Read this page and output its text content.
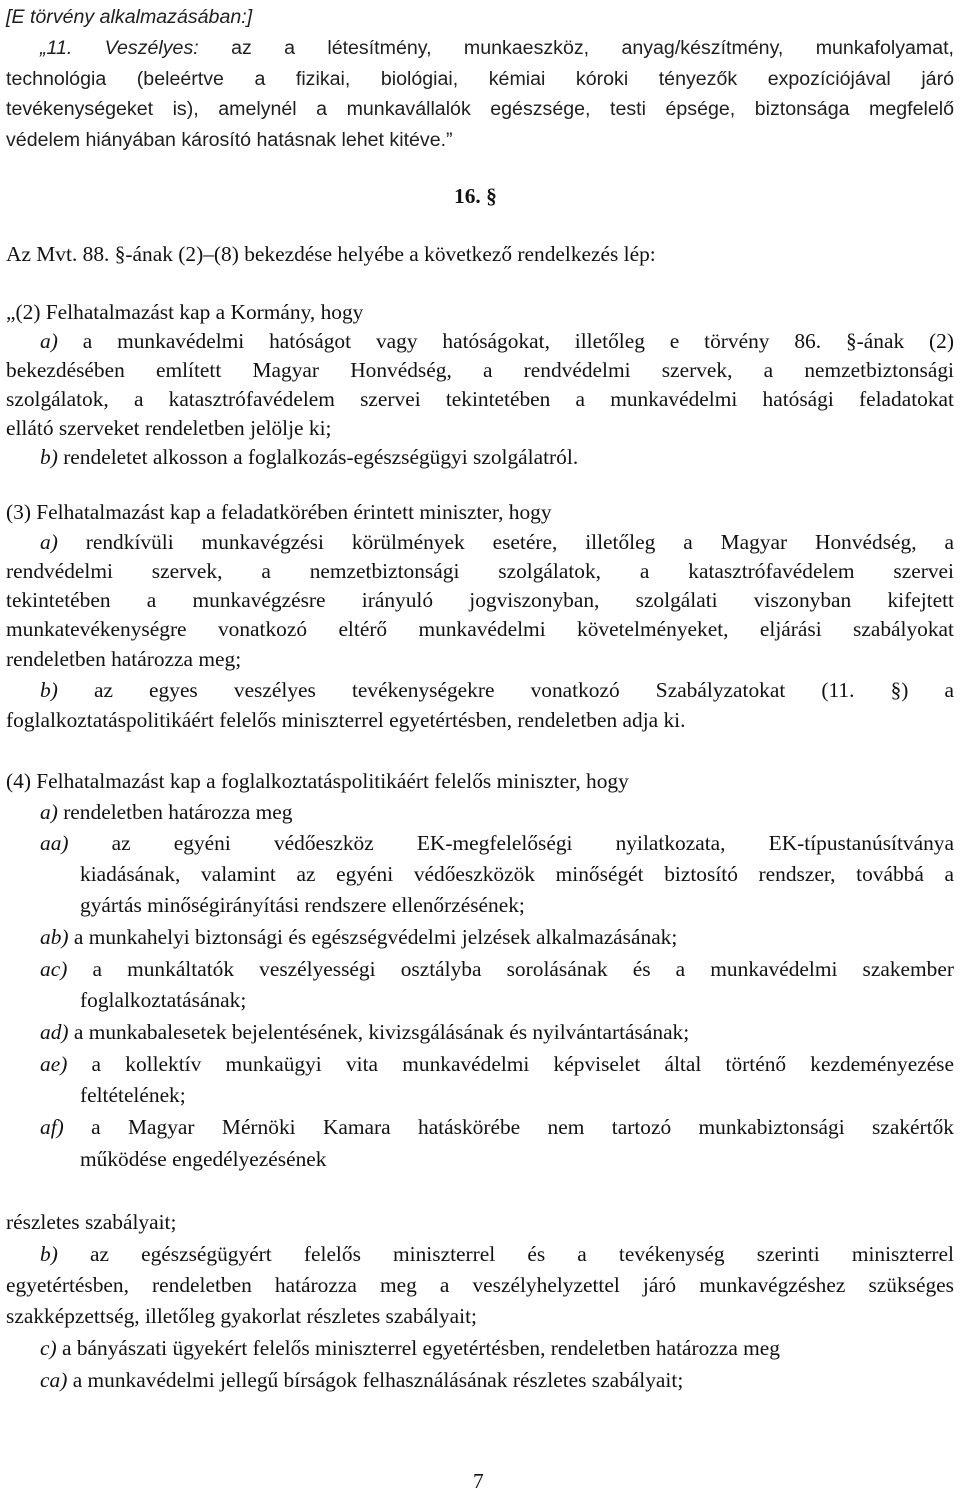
[E törvény alkalmazásában:]
„11. Veszélyes: az a létesítmény, munkaeszköz, anyag/készítmény, munkafolyamat,
technológia (beleértve a fizikai, biológiai, kémiai kóroki tényezők expozíciójával járó
tevékenységeket is), amelynél a munkavállalók egészsége, testi épsége, biztonsága megfelelő
védelem hiányában károsító hatásnak lehet kitéve.”
16. §
Az Mvt. 88. §-ának (2)–(8) bekezdése helyébe a következő rendelkezés lép:
„(2) Felhatalmazást kap a Kormány, hogy
a) a munkavédelmi hatóságot vagy hatóságokat, illetőleg e törvény 86. §-ának (2)
bekezdésében említett Magyar Honvédség, a rendvédelmi szervek, a nemzetbiztonsági
szolgálatok, a katasztrófavédelem szervei tekintetében a munkavédelmi hatósági feladatokat
ellátó szerveket rendeletben jelölje ki;
b) rendeletet alkosson a foglalkozás-egészségügyi szolgálatról.
(3) Felhatalmazást kap a feladatkörében érintett miniszter, hogy
a) rendkívüli munkavégzési körülmények esetére, illetőleg a Magyar Honvédség, a
rendvédelmi szervek, a nemzetbiztonsági szolgálatok, a katasztrófavédelem szervei
tekintetében a munkavégzésre irányuló jogviszonyban, szolgálati viszonyban kifejtett
munkatevékenységre vonatkozó eltérő munkavédelmi követelményeket, eljárási szabályokat
rendeletben határozza meg;
b) az egyes veszélyes tevékenységekre vonatkozó Szabályzatokat (11. §) a
foglalkoztatáspolitikáért felelős miniszterrel egyetértésben, rendeletben adja ki.
(4) Felhatalmazást kap a foglalkoztatáspolitikáért felelős miniszter, hogy
a) rendeletben határozza meg
aa) az egyéni védőeszköz EK-megfelelőségi nyilatkozata, EK-típustanúsítványa
kiadásának, valamint az egyéni védőeszközök minőségét biztosító rendszer, továbbá a
gyártás minőségirányítási rendszere ellenőrzésének;
ab) a munkahelyi biztonsági és egészségvédelmi jelzések alkalmazásának;
ac) a munkáltatók veszélyességi osztályba sorolásának és a munkavédelmi szakember
foglalkoztatásának;
ad) a munkabalesetek bejelentésének, kivizsgálásának és nyilvántartásának;
ae) a kollektív munkaügyi vita munkavédelmi képviselet által történő kezdeményezése
feltételének;
af) a Magyar Mérnöki Kamara hatáskörébe nem tartozó munkabiztonsági szakértők
működése engedélyezésének
részletes szabályait;
b) az egészségügyért felelős miniszterrel és a tevékenység szerinti miniszterrel
egyetértésben, rendeletben határozza meg a veszélyhelyzettel járó munkavégzéshez szükséges
szakképzettség, illetőleg gyakorlat részletes szabályait;
c) a bányászati ügyekért felelős miniszterrel egyetértésben, rendeletben határozza meg
ca) a munkavédelmi jellegű bírságok felhasználásának részletes szabályait;
7
